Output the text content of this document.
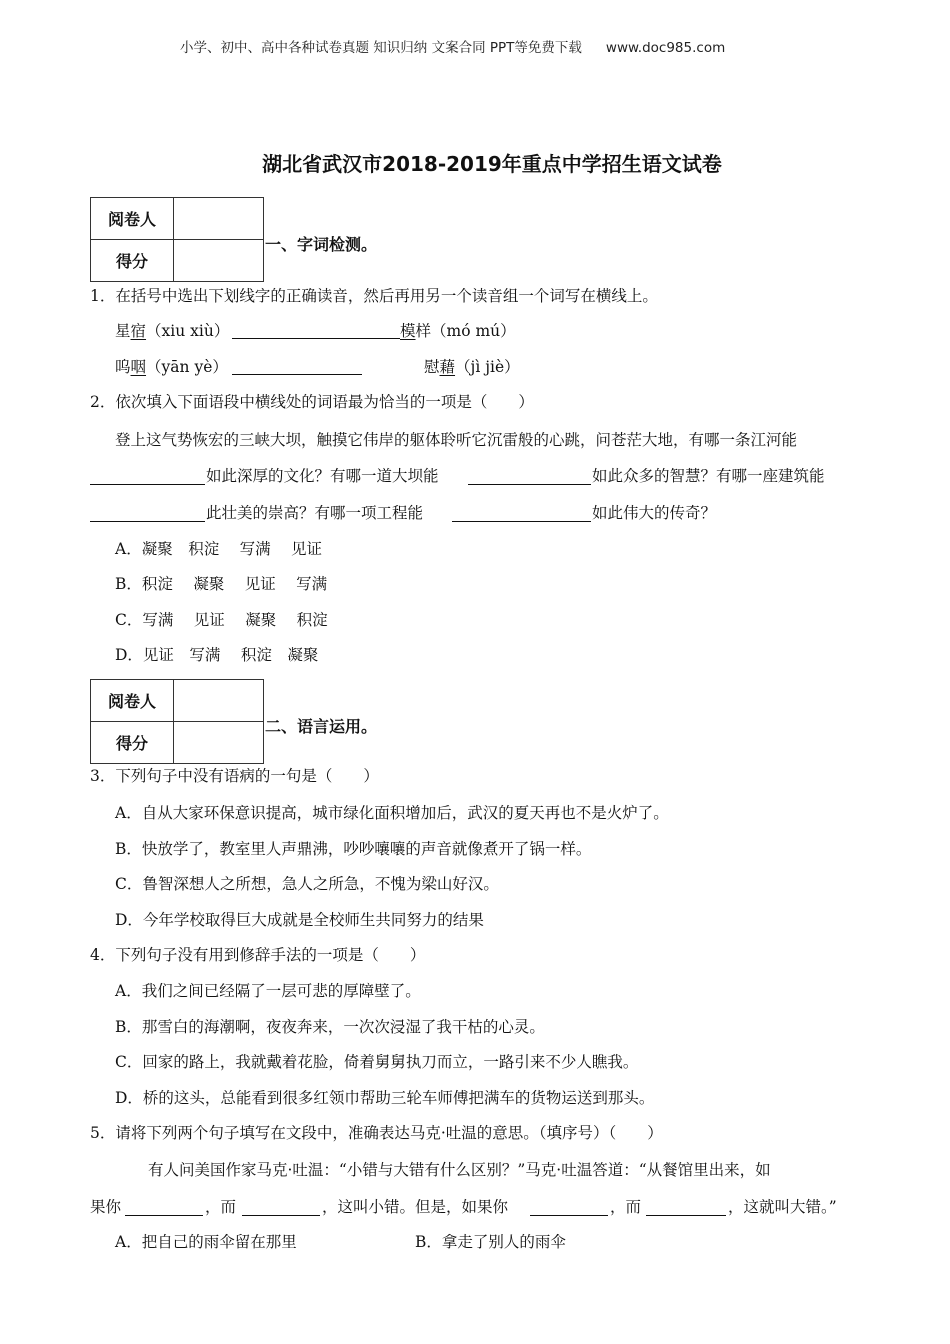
小学、初中、高中各种试卷真题 知识归纳 文案合同 PPT等免费下载 www.doc985.com
湖北省武汉市2018-2019年重点中学招生语文试卷
阅卷人	
得分	
一、字词检测。
1．在括号中选出下划线字的正确读音，然后再用另一个读音组一个词写在横线上。
星宿（xiu xiù）	模样（mó mú）
呜咽（yān yè）	慰藉（jì jiè）
2．依次填入下面语段中横线处的词语最为恰当的一项是（　　）
登上这气势恢宏的三峡大坝，触摸它伟岸的躯体聆听它沉雷般的心跳，问苍茫大地，有哪一条江河能
如此深厚的文化？有哪一道大坝能	如此众多的智慧？有哪一座建筑能
此壮美的崇高？有哪一项工程能	如此伟大的传奇？
A．凝聚　积淀　 写满　 见证
B．积淀　 凝聚　 见证　 写满
C．写满　 见证　 凝聚　 积淀
D．见证　写满　 积淀　凝聚
阅卷人	
得分	
二、语言运用。
3．下列句子中没有语病的一句是（　　）
A．自从大家环保意识提高，城市绿化面积增加后，武汉的夏天再也不是火炉了。
B．快放学了，教室里人声鼎沸，吵吵嚷嚷的声音就像煮开了锅一样。
C．鲁智深想人之所想，急人之所急，不愧为梁山好汉。
D．今年学校取得巨大成就是全校师生共同努力的结果
4．下列句子没有用到修辞手法的一项是（　　）
A．我们之间已经隔了一层可悲的厚障壁了。
B．那雪白的海潮啊，夜夜奔来，一次次浸湿了我干枯的心灵。
C．回家的路上，我就戴着花脸，倚着舅舅执刀而立，一路引来不少人瞧我。
D．桥的这头，总能看到很多红领巾帮助三轮车师傅把满车的货物运送到那头。
5．请将下列两个句子填写在文段中，准确表达马克·吐温的意思。（填序号）（　　）
有人问美国作家马克·吐温：“小错与大错有什么区别？”马克·吐温答道：“从餐馆里出来，如
果你	，而	，这叫小错。但是，如果你	，而	，这就叫大错。”
A．把自己的雨伞留在那里	B．拿走了别人的雨伞
